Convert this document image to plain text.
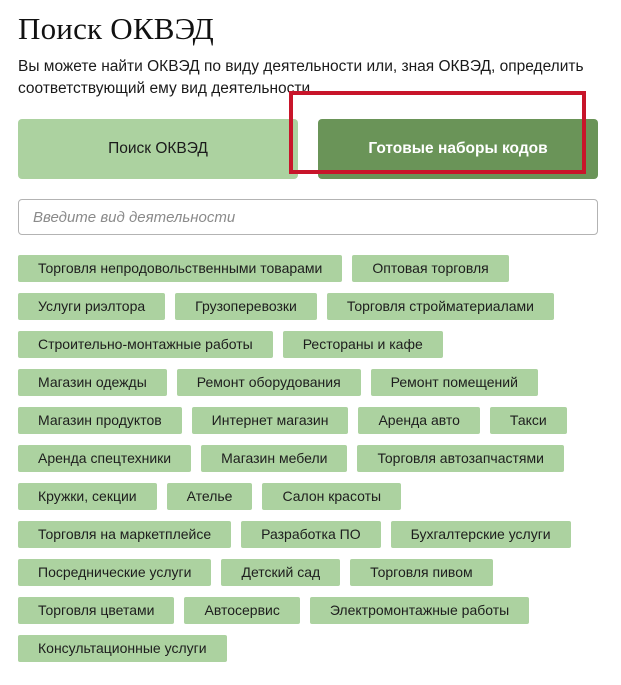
Поиск ОКВЭД

Вы можете найти ОКВЭД по виду деятельности или, зная ОКВЭД, определить соответствующий ему вид деятельности.

Поиск ОКВЭД	Готовые наборы кодов
Введите вид деятельности
Торговля непродовольственными товарами	Оптовая торговля
Услуги риэлтора	Грузоперевозки	Торговля стройматериалами
Строительно-монтажные работы	Рестораны и кафе
Магазин одежды	Ремонт оборудования	Ремонт помещений
Магазин продуктов	Интернет магазин	Аренда авто	Такси
Аренда спецтехники	Магазин мебели	Торговля автозапчастями
Кружки, секции	Ателье	Салон красоты
Торговля на маркетплейсе	Разработка ПО	Бухгалтерские услуги
Посреднические услуги	Детский сад	Торговля пивом
Торговля цветами	Автосервис	Электромонтажные работы
Консультационные услуги
